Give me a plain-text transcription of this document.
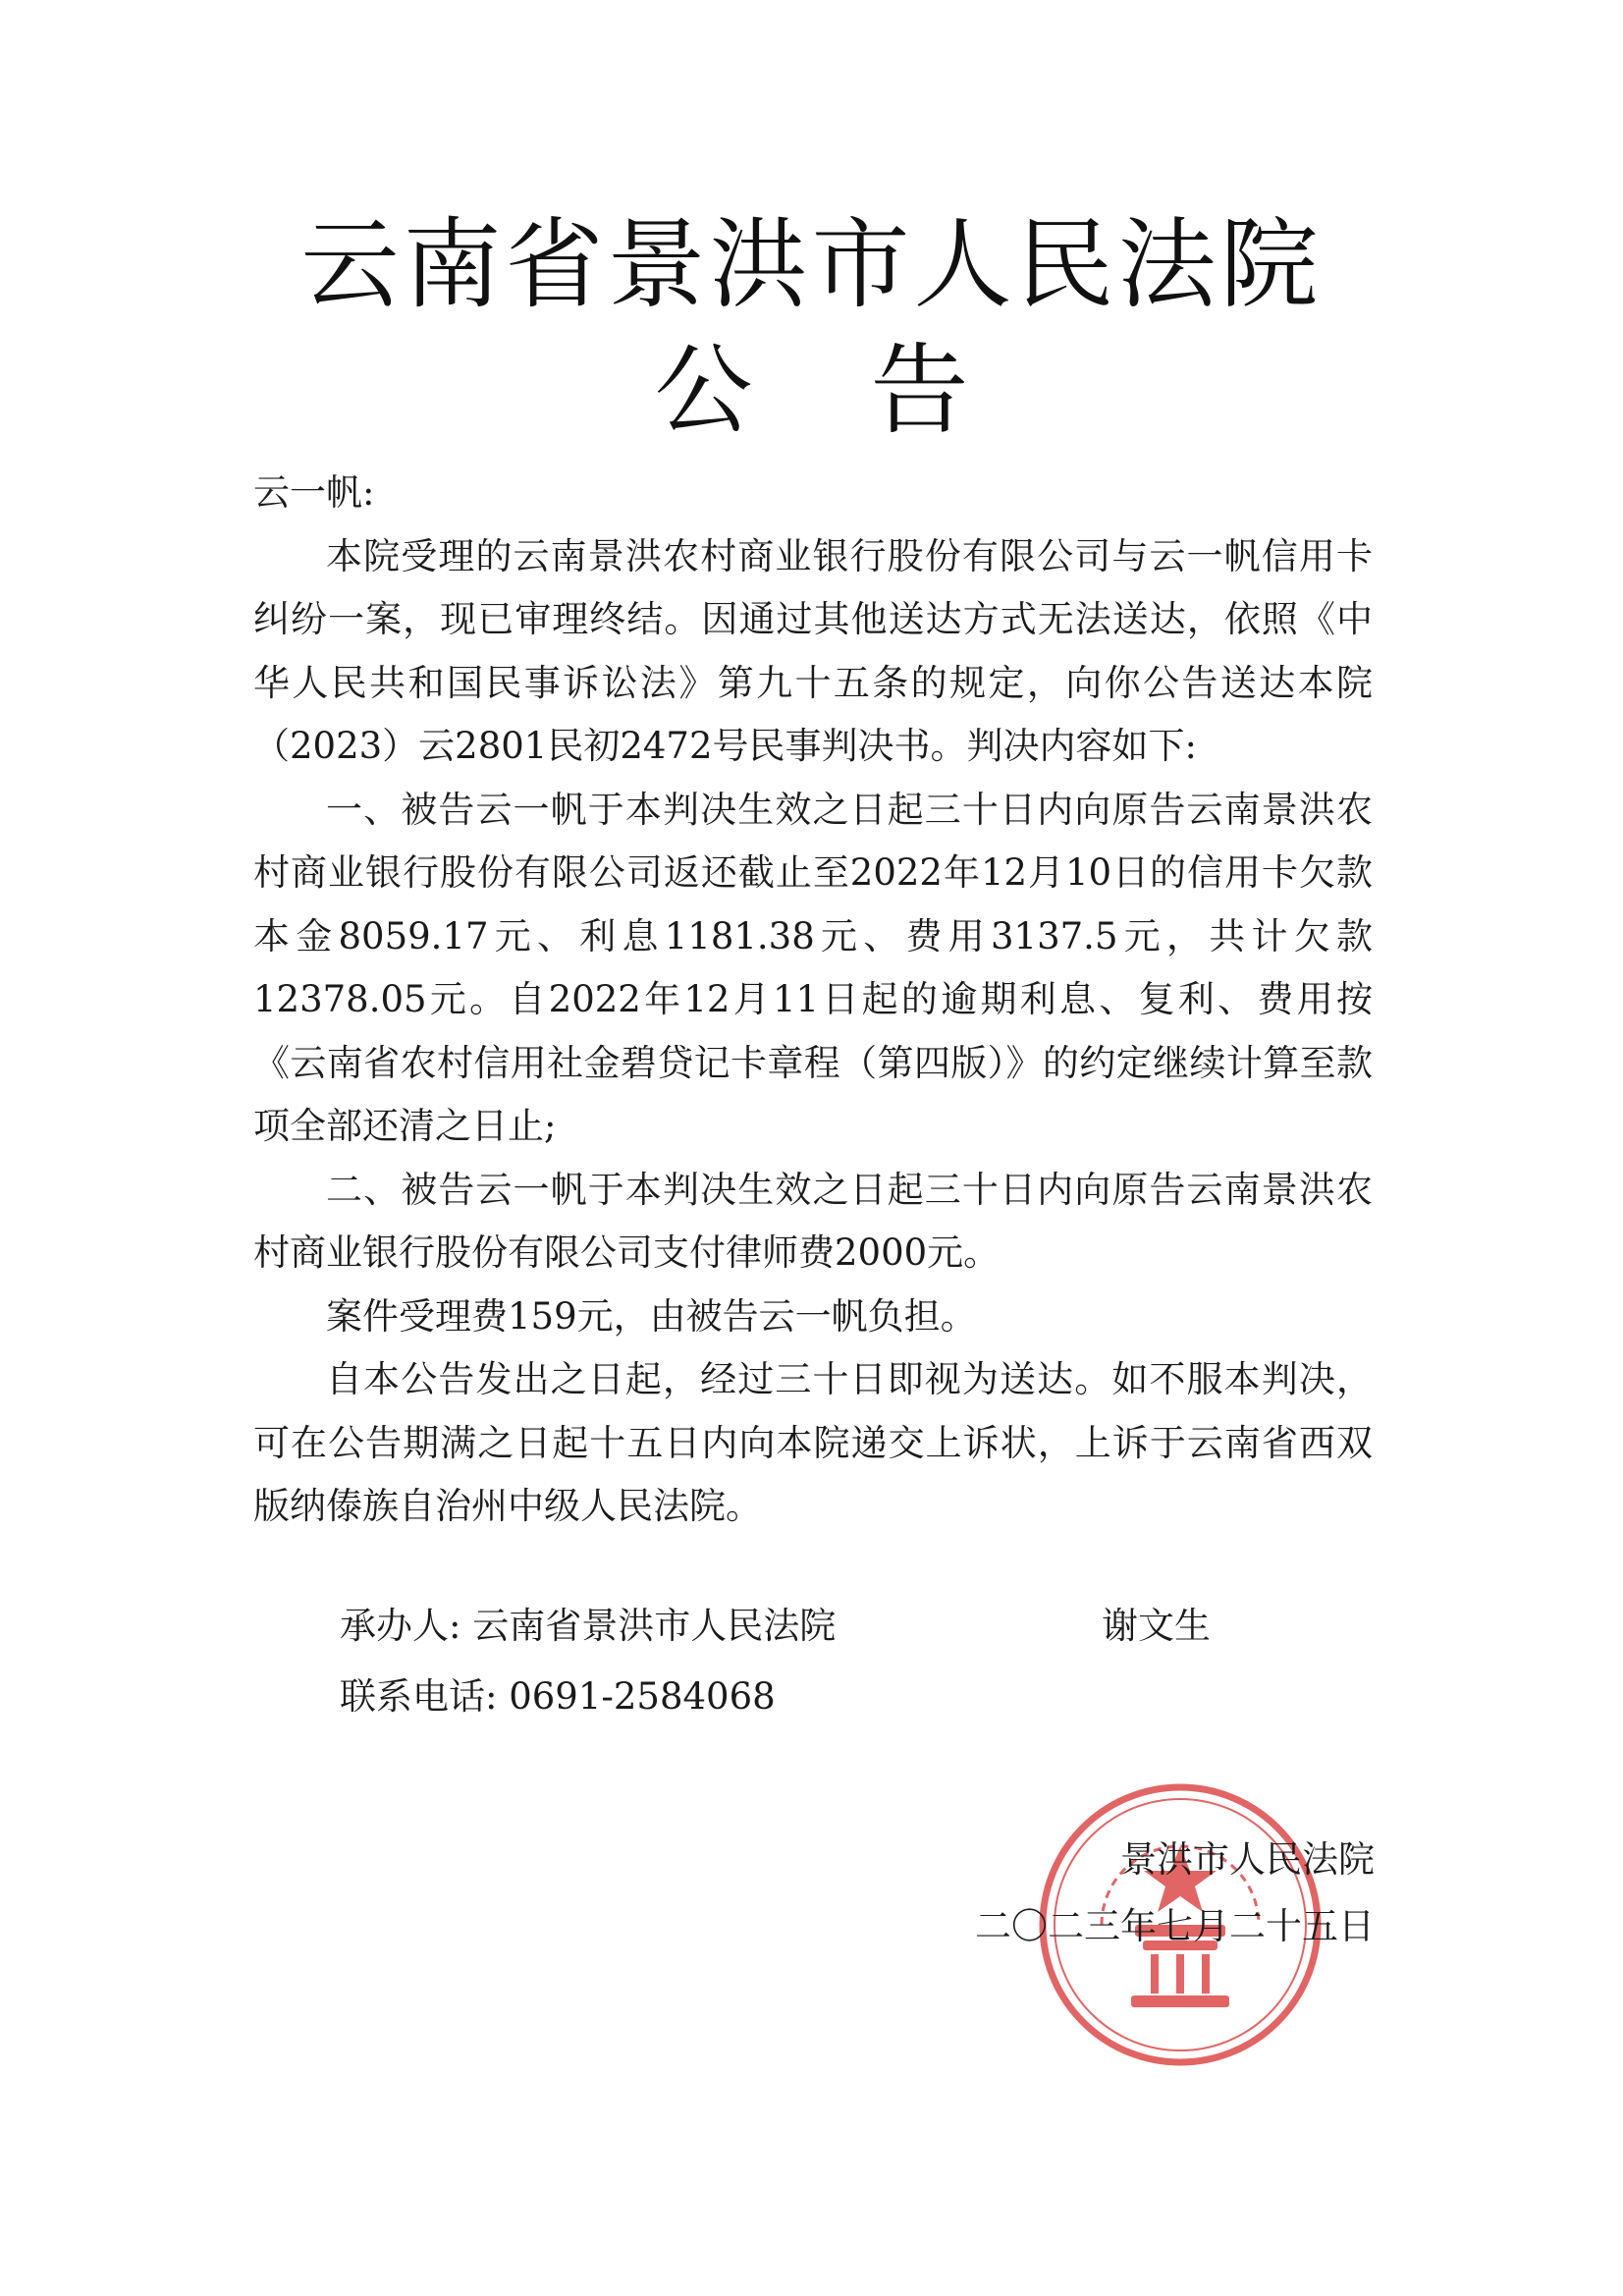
云南省景洪市人民法院
公 告

云一帆:

本院受理的云南景洪农村商业银行股份有限公司与云一帆信用卡纠纷一案，现已审理终结。因通过其他送达方式无法送达，依照《中华人民共和国民事诉讼法》第九十五条的规定，向你公告送达本院（2023）云2801民初2472号民事判决书。判决内容如下:

一、被告云一帆于本判决生效之日起三十日内向原告云南景洪农村商业银行股份有限公司返还截止至2022年12月10日的信用卡欠款本金8059.17元、利息1181.38元、费用3137.5元，共计欠款12378.05元。自2022年12月11日起的逾期利息、复利、费用按《云南省农村信用社金碧贷记卡章程（第四版）》的约定继续计算至款项全部还清之日止;

二、被告云一帆于本判决生效之日起三十日内向原告云南景洪农村商业银行股份有限公司支付律师费2000元。

案件受理费159元，由被告云一帆负担。

自本公告发出之日起，经过三十日即视为送达。如不服本判决，可在公告期满之日起十五日内向本院递交上诉状，上诉于云南省西双版纳傣族自治州中级人民法院。

承办人: 云南省景洪市人民法院	谢文生
联系电话: 0691-2584068
景洪市人民法院
二〇二三年七月二十五日
